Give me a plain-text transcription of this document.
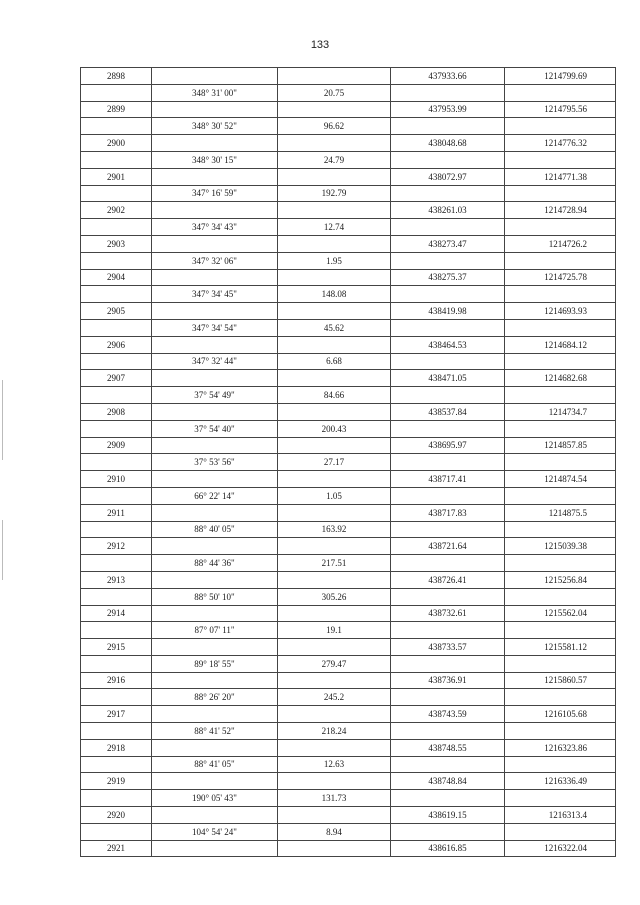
133
2898			437933.66	1214799.69
	348° 31' 00"	20.75		
2899			437953.99	1214795.56
	348° 30' 52"	96.62		
2900			438048.68	1214776.32
	348° 30' 15"	24.79		
2901			438072.97	1214771.38
	347° 16' 59"	192.79		
2902			438261.03	1214728.94
	347° 34' 43"	12.74		
2903			438273.47	1214726.2
	347° 32' 06"	1.95		
2904			438275.37	1214725.78
	347° 34' 45"	148.08		
2905			438419.98	1214693.93
	347° 34' 54"	45.62		
2906			438464.53	1214684.12
	347° 32' 44"	6.68		
2907			438471.05	1214682.68
	37° 54' 49"	84.66		
2908			438537.84	1214734.7
	37° 54' 40"	200.43		
2909			438695.97	1214857.85
	37° 53' 56"	27.17		
2910			438717.41	1214874.54
	66° 22' 14"	1.05		
2911			438717.83	1214875.5
	88° 40' 05"	163.92		
2912			438721.64	1215039.38
	88° 44' 36"	217.51		
2913			438726.41	1215256.84
	88° 50' 10"	305.26		
2914			438732.61	1215562.04
	87° 07' 11"	19.1		
2915			438733.57	1215581.12
	89° 18' 55"	279.47		
2916			438736.91	1215860.57
	88° 26' 20"	245.2		
2917			438743.59	1216105.68
	88° 41' 52"	218.24		
2918			438748.55	1216323.86
	88° 41' 05"	12.63		
2919			438748.84	1216336.49
	190° 05' 43"	131.73		
2920			438619.15	1216313.4
	104° 54' 24"	8.94		
2921			438616.85	1216322.04
